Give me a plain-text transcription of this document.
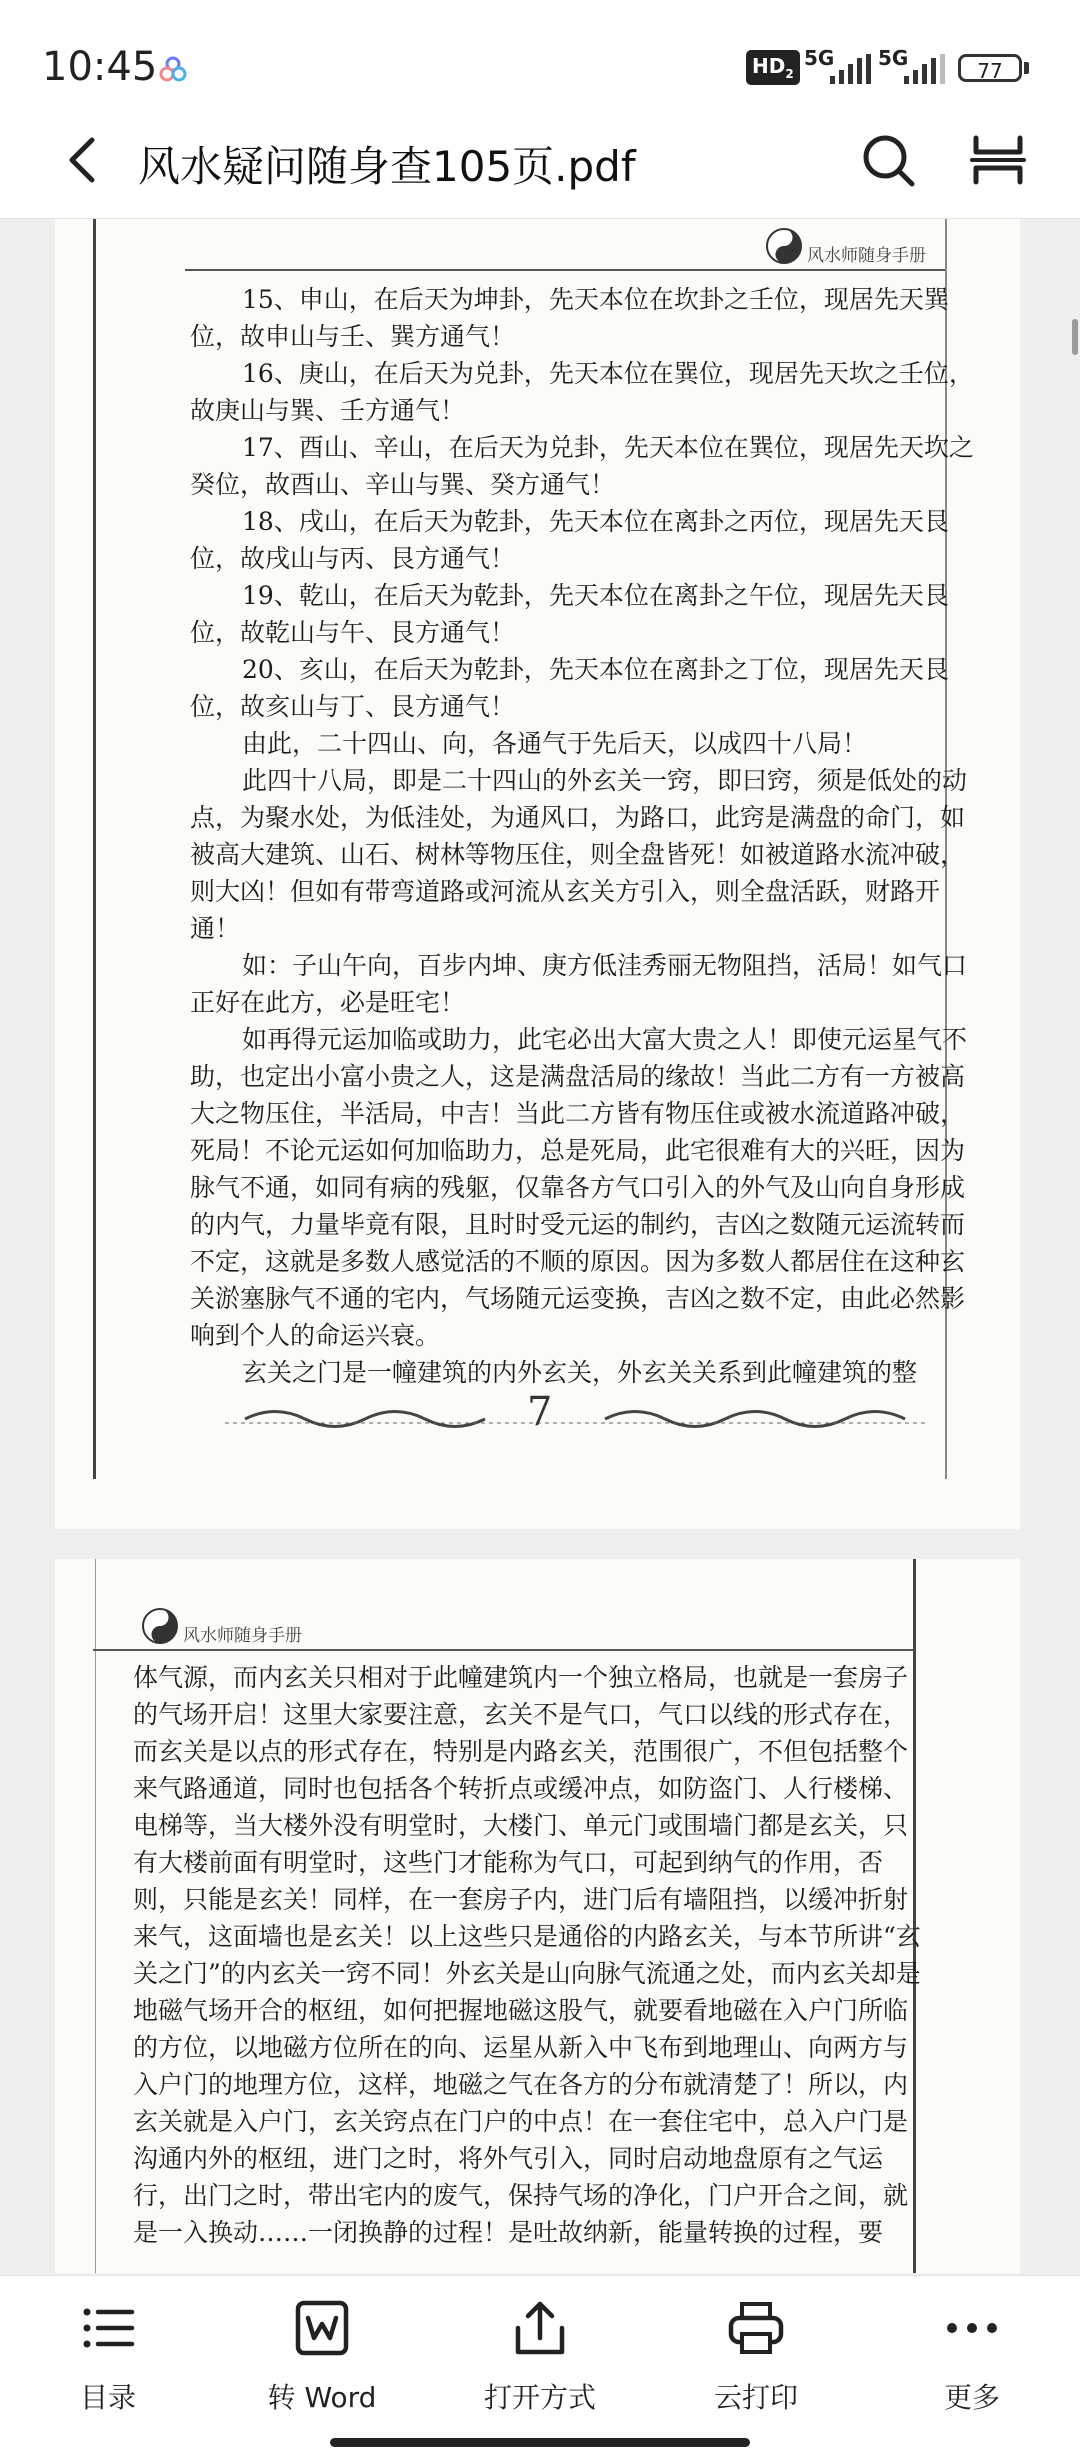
10:45	$HD_2$
5G 5G
77
风水疑问随身查105页.pdf
风水师随身手册

15、申山，在后天为坤卦，先天本位在坎卦之壬位，现居先天巽位，故申山与壬、巽方通气！

16、庚山，在后天为兑卦，先天本位在巽位，现居先天坎之壬位，故庚山与巽、壬方通气！

17、酉山、辛山，在后天为兑卦，先天本位在巽位，现居先天坎之癸位，故酉山、辛山与巽、癸方通气！

18、戌山，在后天为乾卦，先天本位在离卦之丙位，现居先天艮位，故戌山与丙、艮方通气！

19、乾山，在后天为乾卦，先天本位在离卦之午位，现居先天艮位，故乾山与午、艮方通气！

20、亥山，在后天为乾卦，先天本位在离卦之丁位，现居先天艮位，故亥山与丁、艮方通气！

由此，二十四山、向，各通气于先后天，以成四十八局！

此四十八局，即是二十四山的外玄关一窍，即曰窍，须是低处的动点，为聚水处，为低洼处，为通风口，为路口，此窍是满盘的命门，如被高大建筑、山石、树林等物压住，则全盘皆死！如被道路水流冲破，则大凶！但如有带弯道路或河流从玄关方引入，则全盘活跃，财路开通！

如：子山午向，百步内坤、庚方低洼秀丽无物阻挡，活局！如气口正好在此方，必是旺宅！

如再得元运加临或助力，此宅必出大富大贵之人！即使元运星气不助，也定出小富小贵之人，这是满盘活局的缘故！当此二方有一方被高大之物压住，半活局，中吉！当此二方皆有物压住或被水流道路冲破，死局！不论元运如何加临助力，总是死局，此宅很难有大的兴旺，因为脉气不通，如同有病的残躯，仅靠各方气口引入的外气及山向自身形成的内气，力量毕竟有限，且时时受元运的制约，吉凶之数随元运流转而不定，这就是多数人感觉活的不顺的原因。因为多数人都居住在这种玄关淤塞脉气不通的宅内，气场随元运变换，吉凶之数不定，由此必然影响到个人的命运兴衰。

玄关之门是一幢建筑的内外玄关，外玄关关系到此幢建筑的整

7
风水师随身手册

体气源，而内玄关只相对于此幢建筑内一个独立格局，也就是一套房子的气场开启！这里大家要注意，玄关不是气口，气口以线的形式存在，而玄关是以点的形式存在，特别是内路玄关，范围很广，不但包括整个来气路通道，同时也包括各个转折点或缓冲点，如防盗门、人行楼梯、电梯等，当大楼外没有明堂时，大楼门、单元门或围墙门都是玄关，只有大楼前面有明堂时，这些门才能称为气口，可起到纳气的作用，否则，只能是玄关！同样，在一套房子内，进门后有墙阻挡，以缓冲折射来气，这面墙也是玄关！以上这些只是通俗的内路玄关，与本节所讲“玄关之门”的内玄关一窍不同！外玄关是山向脉气流通之处，而内玄关却是地磁气场开合的枢纽，如何把握地磁这股气，就要看地磁在入户门所临的方位，以地磁方位所在的向、运星从新入中飞布到地理山、向两方与入户门的地理方位，这样，地磁之气在各方的分布就清楚了！所以，内玄关就是入户门，玄关窍点在门户的中点！在一套住宅中，总入户门是沟通内外的枢纽，进门之时，将外气引入，同时启动地盘原有之气运行，出门之时，带出宅内的废气，保持气场的净化，门户开合之间，就是一入换动……一闭换静的过程！是吐故纳新，能量转换的过程，要

目录	转 Word	打开方式	云打印	更多
